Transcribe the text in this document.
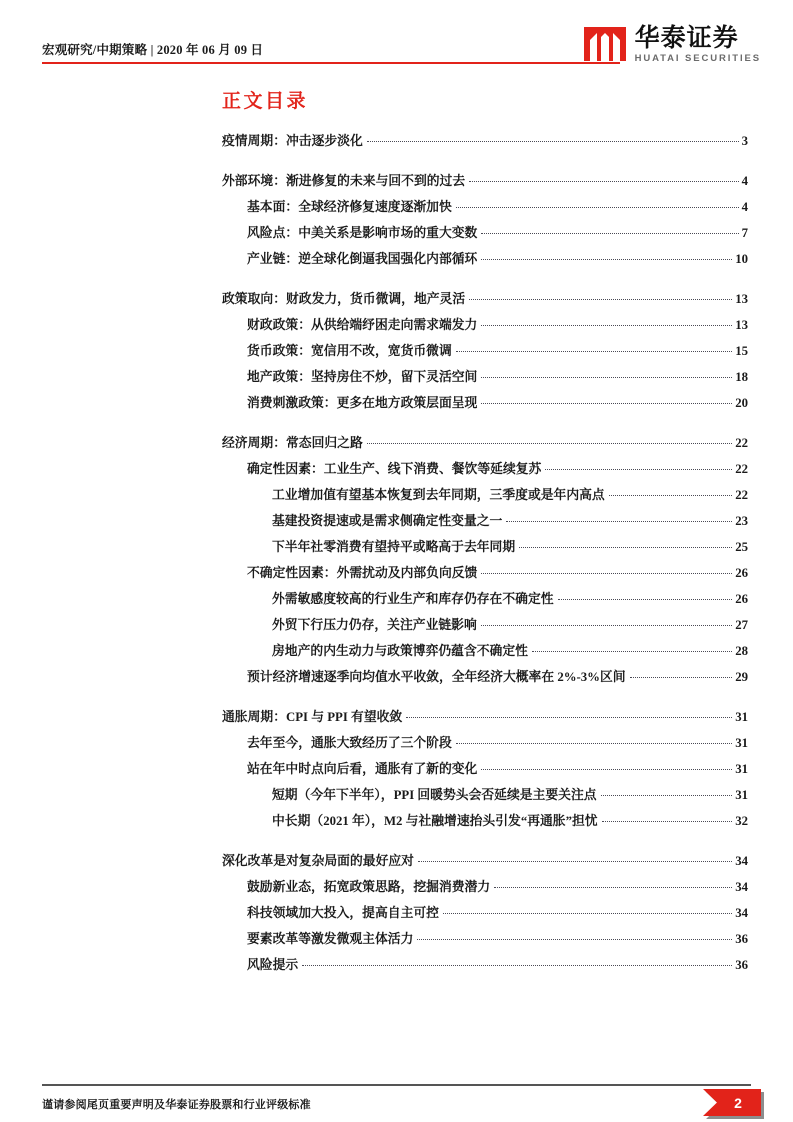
宏观研究/中期策略 | 2020 年 06 月 09 日	华泰证券
HUATAI SECURITIES
正文目录
疫情周期：冲击逐步淡化	3
外部环境：渐进修复的未来与回不到的过去	4
基本面：全球经济修复速度逐渐加快	4
风险点：中美关系是影响市场的重大变数	7
产业链：逆全球化倒逼我国强化内部循环	10
政策取向：财政发力，货币微调，地产灵活	13
财政政策：从供给端纾困走向需求端发力	13
货币政策：宽信用不改，宽货币微调	15
地产政策：坚持房住不炒，留下灵活空间	18
消费刺激政策：更多在地方政策层面呈现	20
经济周期：常态回归之路	22
确定性因素：工业生产、线下消费、餐饮等延续复苏	22
工业增加值有望基本恢复到去年同期，三季度或是年内高点	22
基建投资提速或是需求侧确定性变量之一	23
下半年社零消费有望持平或略高于去年同期	25
不确定性因素：外需扰动及内部负向反馈	26
外需敏感度较高的行业生产和库存仍存在不确定性	26
外贸下行压力仍存，关注产业链影响	27
房地产的内生动力与政策博弈仍蕴含不确定性	28
预计经济增速逐季向均值水平收敛，全年经济大概率在 2%-3%区间	29
通胀周期：CPI 与 PPI 有望收敛	31
去年至今，通胀大致经历了三个阶段	31
站在年中时点向后看，通胀有了新的变化	31
短期（今年下半年），PPI 回暖势头会否延续是主要关注点	31
中长期（2021 年），M2 与社融增速抬头引发“再通胀”担忧	32
深化改革是对复杂局面的最好应对	34
鼓励新业态，拓宽政策思路，挖掘消费潜力	34
科技领域加大投入，提高自主可控	34
要素改革等激发微观主体活力	36
风险提示	36
谨请参阅尾页重要声明及华泰证券股票和行业评级标准	2
